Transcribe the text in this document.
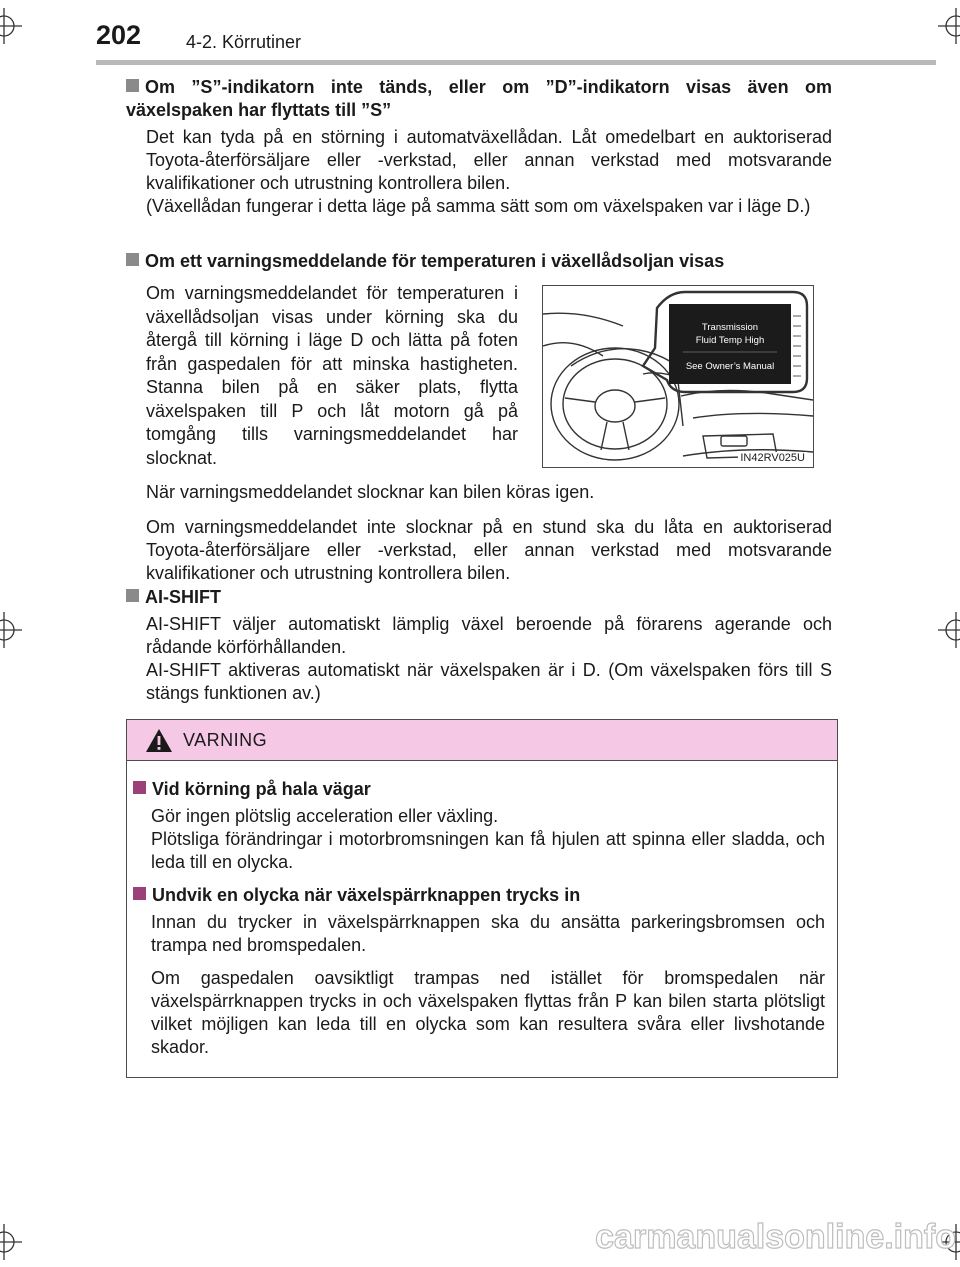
202 4-2. Körrutiner
Om ”S”-indikatorn inte tänds, eller om ”D”-indikatorn visas även om växelspaken har flyttats till ”S”
Det kan tyda på en störning i automatväxellådan. Låt omedelbart en auktoriserad Toyota-återförsäljare eller -verkstad, eller annan verkstad med motsvarande kvalifikationer och utrustning kontrollera bilen.
(Växellådan fungerar i detta läge på samma sätt som om växelspaken var i läge D.)
Om ett varningsmeddelande för temperaturen i växellådsoljan visas
Om varningsmeddelandet för temperaturen i växellådsoljan visas under körning ska du återgå till körning i läge D och lätta på foten från gaspedalen för att minska hastigheten. Stanna bilen på en säker plats, flytta växelspaken till P och låt motorn gå på tomgång tills varningsmeddelandet har slocknat.
Transmission
Fluid Temp High
See Owner’s Manual
IN42RV025U
När varningsmeddelandet slocknar kan bilen köras igen.
Om varningsmeddelandet inte slocknar på en stund ska du låta en auktoriserad Toyota-återförsäljare eller -verkstad, eller annan verkstad med motsvarande kvalifikationer och utrustning kontrollera bilen.
AI-SHIFT
AI-SHIFT väljer automatiskt lämplig växel beroende på förarens agerande och rådande körförhållanden.
AI-SHIFT aktiveras automatiskt när växelspaken är i D. (Om växelspaken förs till S stängs funktionen av.)
VARNING
Vid körning på hala vägar
Gör ingen plötslig acceleration eller växling.
Plötsliga förändringar i motorbromsningen kan få hjulen att spinna eller sladda, och leda till en olycka.
Undvik en olycka när växelspärrknappen trycks in
Innan du trycker in växelspärrknappen ska du ansätta parkeringsbromsen och trampa ned bromspedalen.
Om gaspedalen oavsiktligt trampas ned istället för bromspedalen när växelspärrknappen trycks in och växelspaken flyttas från P kan bilen starta plötsligt vilket möjligen kan leda till en olycka som kan resultera svåra eller livshotande skador.
carmanualsonline.info
